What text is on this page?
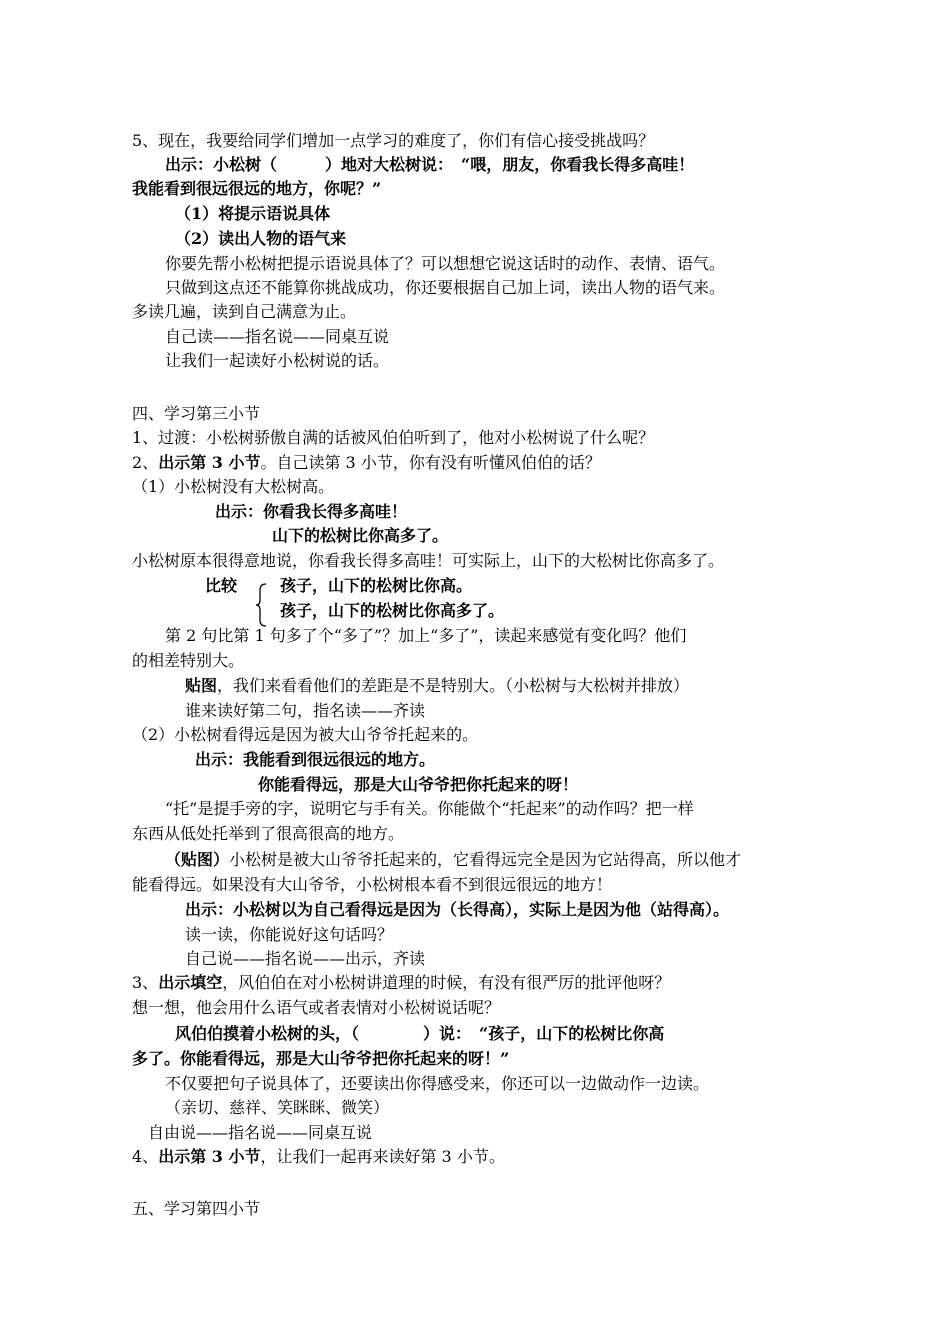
5、现在，我要给同学们增加一点学习的难度了，你们有信心接受挑战吗？
出示：小松树（　　　）地对大松树说：　“喂，朋友，你看我长得多高哇！
我能看到很远很远的地方，你呢？”
（1）将提示语说具体
（2）读出人物的语气来
你要先帮小松树把提示语说具体了？可以想想它说这话时的动作、表情、语气。
只做到这点还不能算你挑战成功，你还要根据自己加上词，读出人物的语气来。
多读几遍，读到自己满意为止。
自己读——指名说——同桌互说
让我们一起读好小松树说的话。
四、学习第三小节
1、过渡：小松树骄傲自满的话被风伯伯听到了，他对小松树说了什么呢？
2、出示第 3 小节。自己读第 3 小节，你有没有听懂风伯伯的话？
（1）小松树没有大松树高。
出示：你看我长得多高哇！
山下的松树比你高多了。
小松树原本很得意地说，你看我长得多高哇！可实际上，山下的大松树比你高多了。
比较	孩子，山下的松树比你高。
孩子，山下的松树比你高多了。
第 2 句比第 1 句多了个“多了”？加上“多了”，读起来感觉有变化吗？他们
的相差特别大。
贴图，我们来看看他们的差距是不是特别大。（小松树与大松树并排放）
谁来读好第二句，指名读——齐读
（2）小松树看得远是因为被大山爷爷托起来的。
出示：我能看到很远很远的地方。
你能看得远，那是大山爷爷把你托起来的呀！
“托”是提手旁的字，说明它与手有关。你能做个“托起来”的动作吗？把一样
东西从低处托举到了很高很高的地方。
（贴图）小松树是被大山爷爷托起来的，它看得远完全是因为它站得高，所以他才
能看得远。如果没有大山爷爷，小松树根本看不到很远很远的地方！
出示：小松树以为自己看得远是因为（长得高），实际上是因为他（站得高）。
读一读，你能说好这句话吗？
自己说——指名说——出示，齐读
3、出示填空，风伯伯在对小松树讲道理的时候，有没有很严厉的批评他呀？
想一想，他会用什么语气或者表情对小松树说话呢？
风伯伯摸着小松树的头，（　　　　）说：　“孩子，山下的松树比你高
多了。你能看得远，那是大山爷爷把你托起来的呀！”
不仅要把句子说具体了，还要读出你得感受来，你还可以一边做动作一边读。
（亲切、慈祥、笑眯眯、微笑）
自由说——指名说——同桌互说
4、出示第 3 小节，让我们一起再来读好第 3 小节。
五、学习第四小节
